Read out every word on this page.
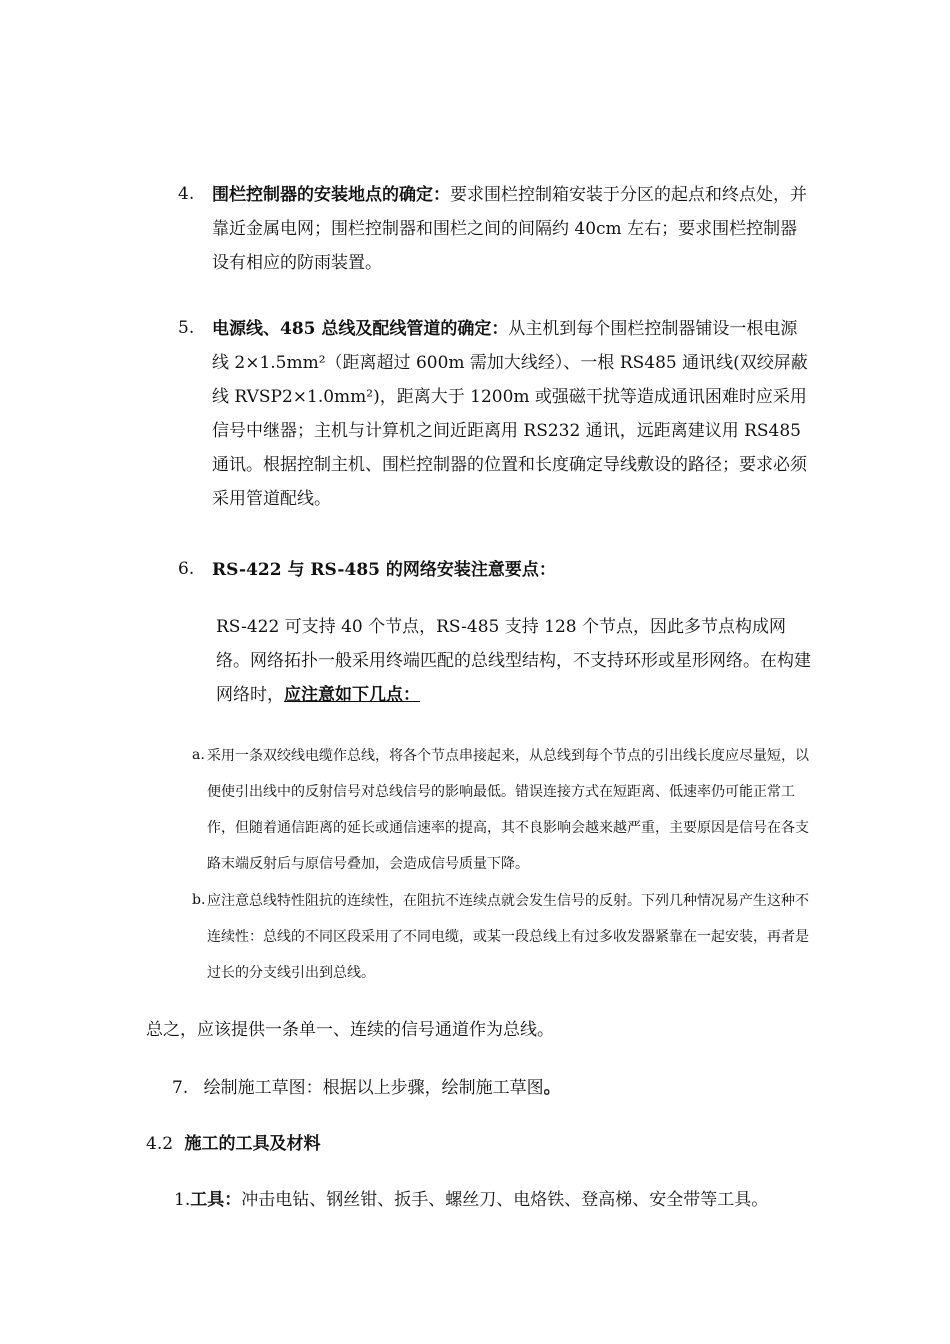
4. 围栏控制器的安装地点的确定：要求围栏控制箱安装于分区的起点和终点处，并靠近金属电网；围栏控制器和围栏之间的间隔约 40cm 左右；要求围栏控制器设有相应的防雨装置。
5. 电源线、485 总线及配线管道的确定：从主机到每个围栏控制器铺设一根电源线 2×1.5mm²（距离超过 600m 需加大线经）、一根 RS485 通讯线(双绞屏蔽线 RVSP2×1.0mm²)，距离大于 1200m 或强磁干扰等造成通讯困难时应采用信号中继器；主机与计算机之间近距离用 RS232 通讯，远距离建议用 RS485 通讯。根据控制主机、围栏控制器的位置和长度确定导线敷设的路径；要求必须采用管道配线。
6. RS-422 与 RS-485 的网络安装注意要点：
RS-422 可支持 40 个节点，RS-485 支持 128 个节点，因此多节点构成网络。网络拓扑一般采用终端匹配的总线型结构，不支持环形或星形网络。在构建网络时，应注意如下几点：
a. 采用一条双绞线电缆作总线，将各个节点串接起来，从总线到每个节点的引出线长度应尽量短，以便使引出线中的反射信号对总线信号的影响最低。错误连接方式在短距离、低速率仍可能正常工作，但随着通信距离的延长或通信速率的提高，其不良影响会越来越严重，主要原因是信号在各支路末端反射后与原信号叠加，会造成信号质量下降。
b. 应注意总线特性阻抗的连续性，在阻抗不连续点就会发生信号的反射。下列几种情况易产生这种不连续性：总线的不同区段采用了不同电缆，或某一段总线上有过多收发器紧靠在一起安装，再者是过长的分支线引出到总线。
总之，应该提供一条单一、连续的信号通道作为总线。
7. 绘制施工草图：根据以上步骤，绘制施工草图。
4.2 施工的工具及材料
1.工具：冲击电钻、钢丝钳、扳手、螺丝刀、电烙铁、登高梯、安全带等工具。
